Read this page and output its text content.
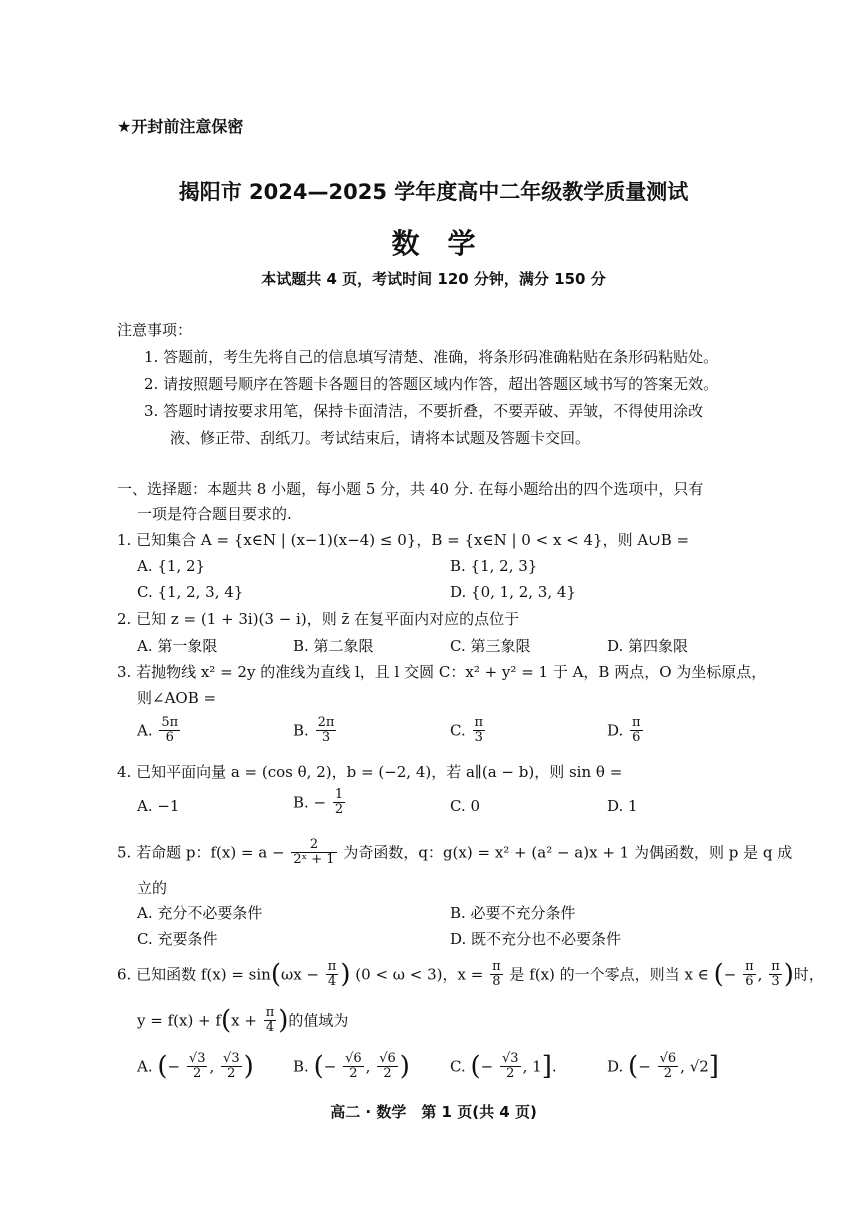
★开封前注意保密
揭阳市 2024—2025 学年度高中二年级教学质量测试
数　学
本试题共 4 页，考试时间 120 分钟，满分 150 分
注意事项：
1. 答题前，考生先将自己的信息填写清楚、准确，将条形码准确粘贴在条形码粘贴处。
2. 请按照题号顺序在答题卡各题目的答题区域内作答，超出答题区域书写的答案无效。
3. 答题时请按要求用笔，保持卡面清洁，不要折叠，不要弄破、弄皱，不得使用涂改
液、修正带、刮纸刀。考试结束后，请将本试题及答题卡交回。
一、选择题：本题共 8 小题，每小题 5 分，共 40 分. 在每小题给出的四个选项中，只有
一项是符合题目要求的.
1. 已知集合 A = {x∈N | (x−1)(x−4) ≤ 0}，B = {x∈N | 0 < x < 4}，则 A∪B =
A. {1, 2}	B. {1, 2, 3}
C. {1, 2, 3, 4}	D. {0, 1, 2, 3, 4}
2. 已知 z = (1 + 3i)(3 − i)，则 z̄ 在复平面内对应的点位于
A. 第一象限	B. 第二象限	C. 第三象限	D. 第四象限
3. 若抛物线 x² = 2y 的准线为直线 l，且 l 交圆 C：x² + y² = 1 于 A，B 两点，O 为坐标原点，
则∠AOB =
A. $\frac{5\pi}{6}$	B. $\frac{2\pi}{3}$	C. $\frac{\pi}{3}$	D. $\frac{\pi}{6}$
4. 已知平面向量 a = (cos θ, 2)，b = (−2, 4)，若 a∥(a − b)，则 sin θ =
A. −1	B. − $\frac{1}{2}$	C. 0	D. 1
5. 若命题 p：$f(x) = a - \frac{2}{\text{2ˣ + 1}}$ 为奇函数，q：g(x) = x² + (a² − a)x + 1 为偶函数，则 p 是 q 成
立的
A. 充分不必要条件	B. 必要不充分条件
C. 充要条件	D. 既不充分也不必要条件
6. 已知函数 $f(x) = \sin(\omega x - \frac{\pi}{4}$ ) (0 < ω < 3)，$x = \frac{\pi}{8}$ 是 f(x) 的一个零点，则当 x ∈ (− $\frac{\pi}{6}$ , $\frac{\pi}{3}$ )时，
$y = f(x) + f(x + \frac{\pi}{4}$ )的值域为
A. (− $\frac{√3}{2}$ , $\frac{√3}{2}$ )	B. (− $\frac{√6}{2}$ , $\frac{√6}{2}$ )	C. (− $\frac{√3}{2}$ , 1].	D. (− $\frac{√6}{2}$ , √2]
高二 · 数学　第 1 页(共 4 页)
